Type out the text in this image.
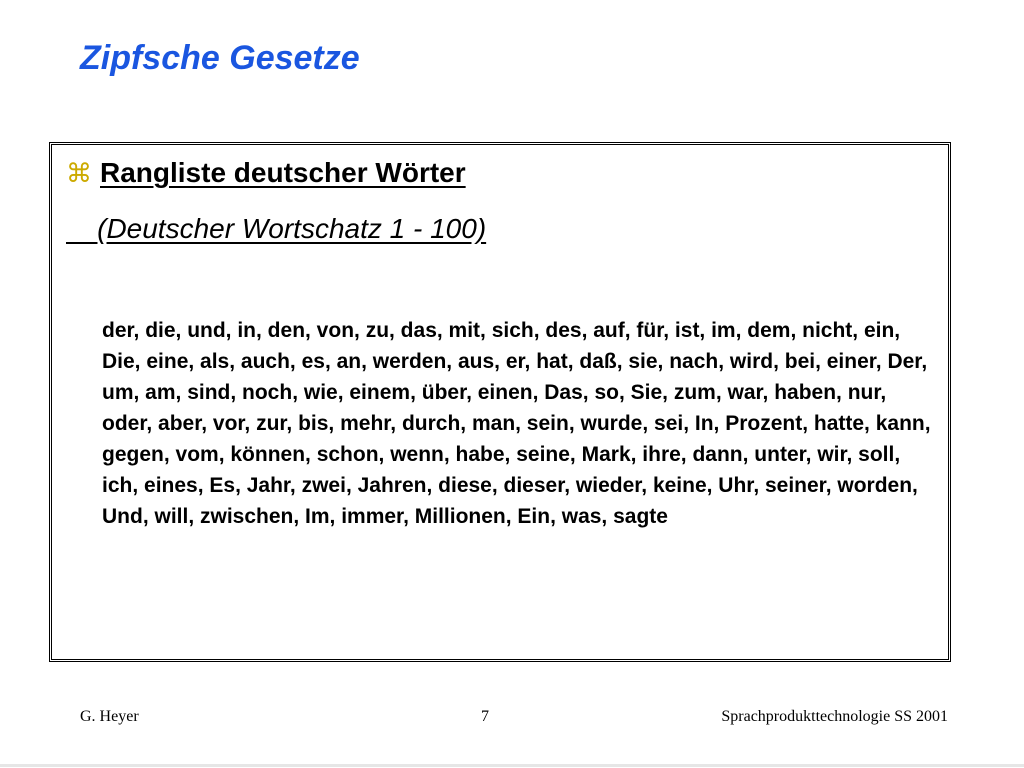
Zipfsche Gesetze
⌘ Rangliste deutscher Wörter
(Deutscher Wortschatz 1 - 100)

der, die, und, in, den, von, zu, das, mit, sich, des, auf, für, ist, im, dem, nicht, ein, Die, eine, als, auch, es, an, werden, aus, er, hat, daß, sie, nach, wird, bei, einer, Der, um, am, sind, noch, wie, einem, über, einen, Das, so, Sie, zum, war, haben, nur, oder, aber, vor, zur, bis, mehr, durch, man, sein, wurde, sei, In, Prozent, hatte, kann, gegen, vom, können, schon, wenn, habe, seine, Mark, ihre, dann, unter, wir, soll, ich, eines, Es, Jahr, zwei, Jahren, diese, dieser, wieder, keine, Uhr, seiner, worden, Und, will, zwischen, Im, immer, Millionen, Ein, was, sagte

G. Heyer	7	Sprachprodukttechnologie SS 2001
